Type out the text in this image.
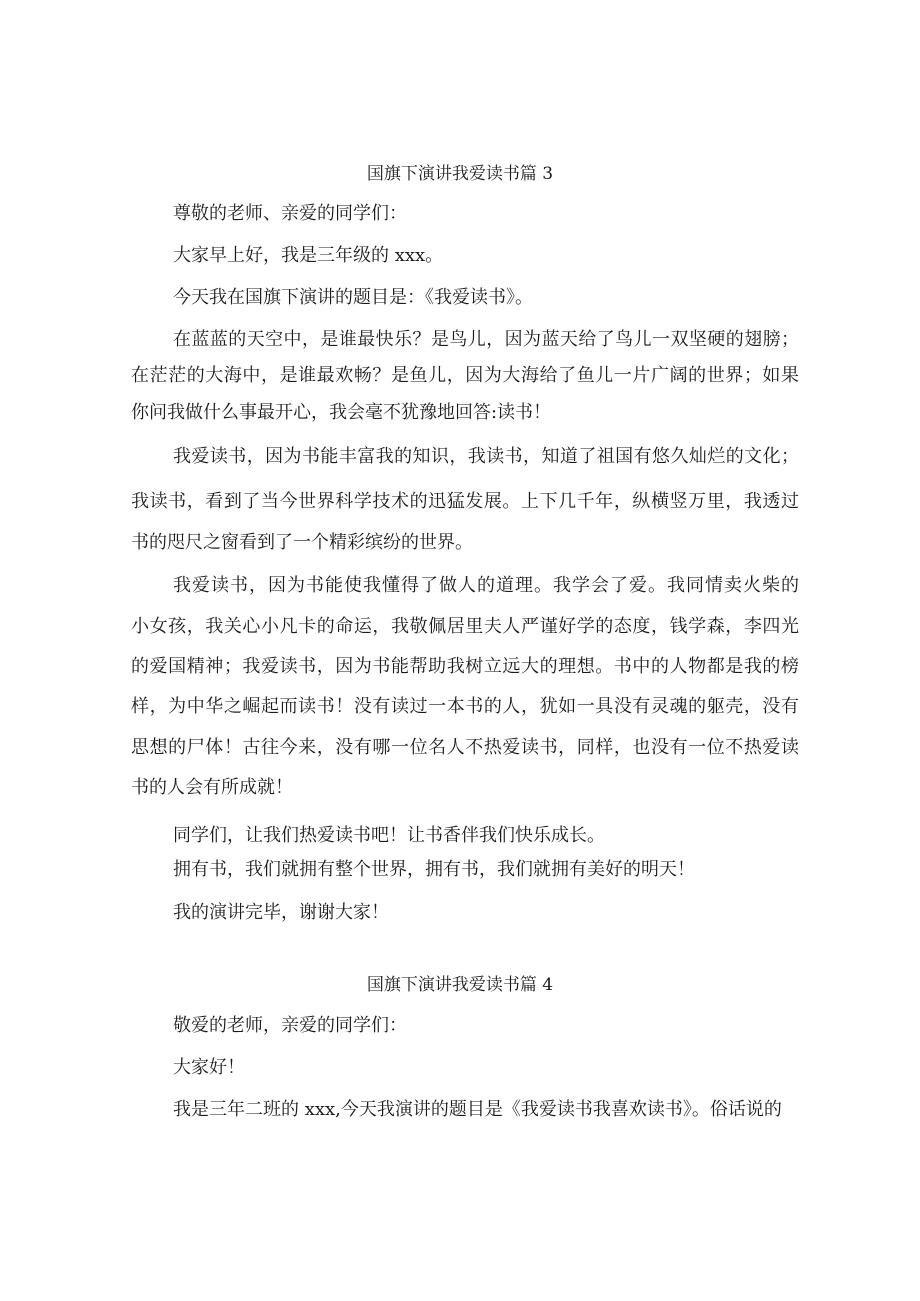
国旗下演讲我爱读书篇 3
尊敬的老师、亲爱的同学们：
大家早上好，我是三年级的 xxx。
今天我在国旗下演讲的题目是：《我爱读书》。
在蓝蓝的天空中，是谁最快乐？是鸟儿，因为蓝天给了鸟儿一双坚硬的翅膀；
在茫茫的大海中，是谁最欢畅？是鱼儿，因为大海给了鱼儿一片广阔的世界；如果
你问我做什么事最开心，我会毫不犹豫地回答:读书！
我爱读书，因为书能丰富我的知识，我读书，知道了祖国有悠久灿烂的文化；
我读书，看到了当今世界科学技术的迅猛发展。上下几千年，纵横竖万里，我透过
书的咫尺之窗看到了一个精彩缤纷的世界。
我爱读书，因为书能使我懂得了做人的道理。我学会了爱。我同情卖火柴的
小女孩，我关心小凡卡的命运，我敬佩居里夫人严谨好学的态度，钱学森，李四光
的爱国精神；我爱读书，因为书能帮助我树立远大的理想。书中的人物都是我的榜
样，为中华之崛起而读书！没有读过一本书的人，犹如一具没有灵魂的躯壳，没有
思想的尸体！古往今来，没有哪一位名人不热爱读书，同样，也没有一位不热爱读
书的人会有所成就！
同学们，让我们热爱读书吧！让书香伴我们快乐成长。
拥有书，我们就拥有整个世界，拥有书，我们就拥有美好的明天！
我的演讲完毕，谢谢大家！
国旗下演讲我爱读书篇 4
敬爱的老师，亲爱的同学们：
大家好！
我是三年二班的 xxx,今天我演讲的题目是《我爱读书我喜欢读书》。俗话说的
